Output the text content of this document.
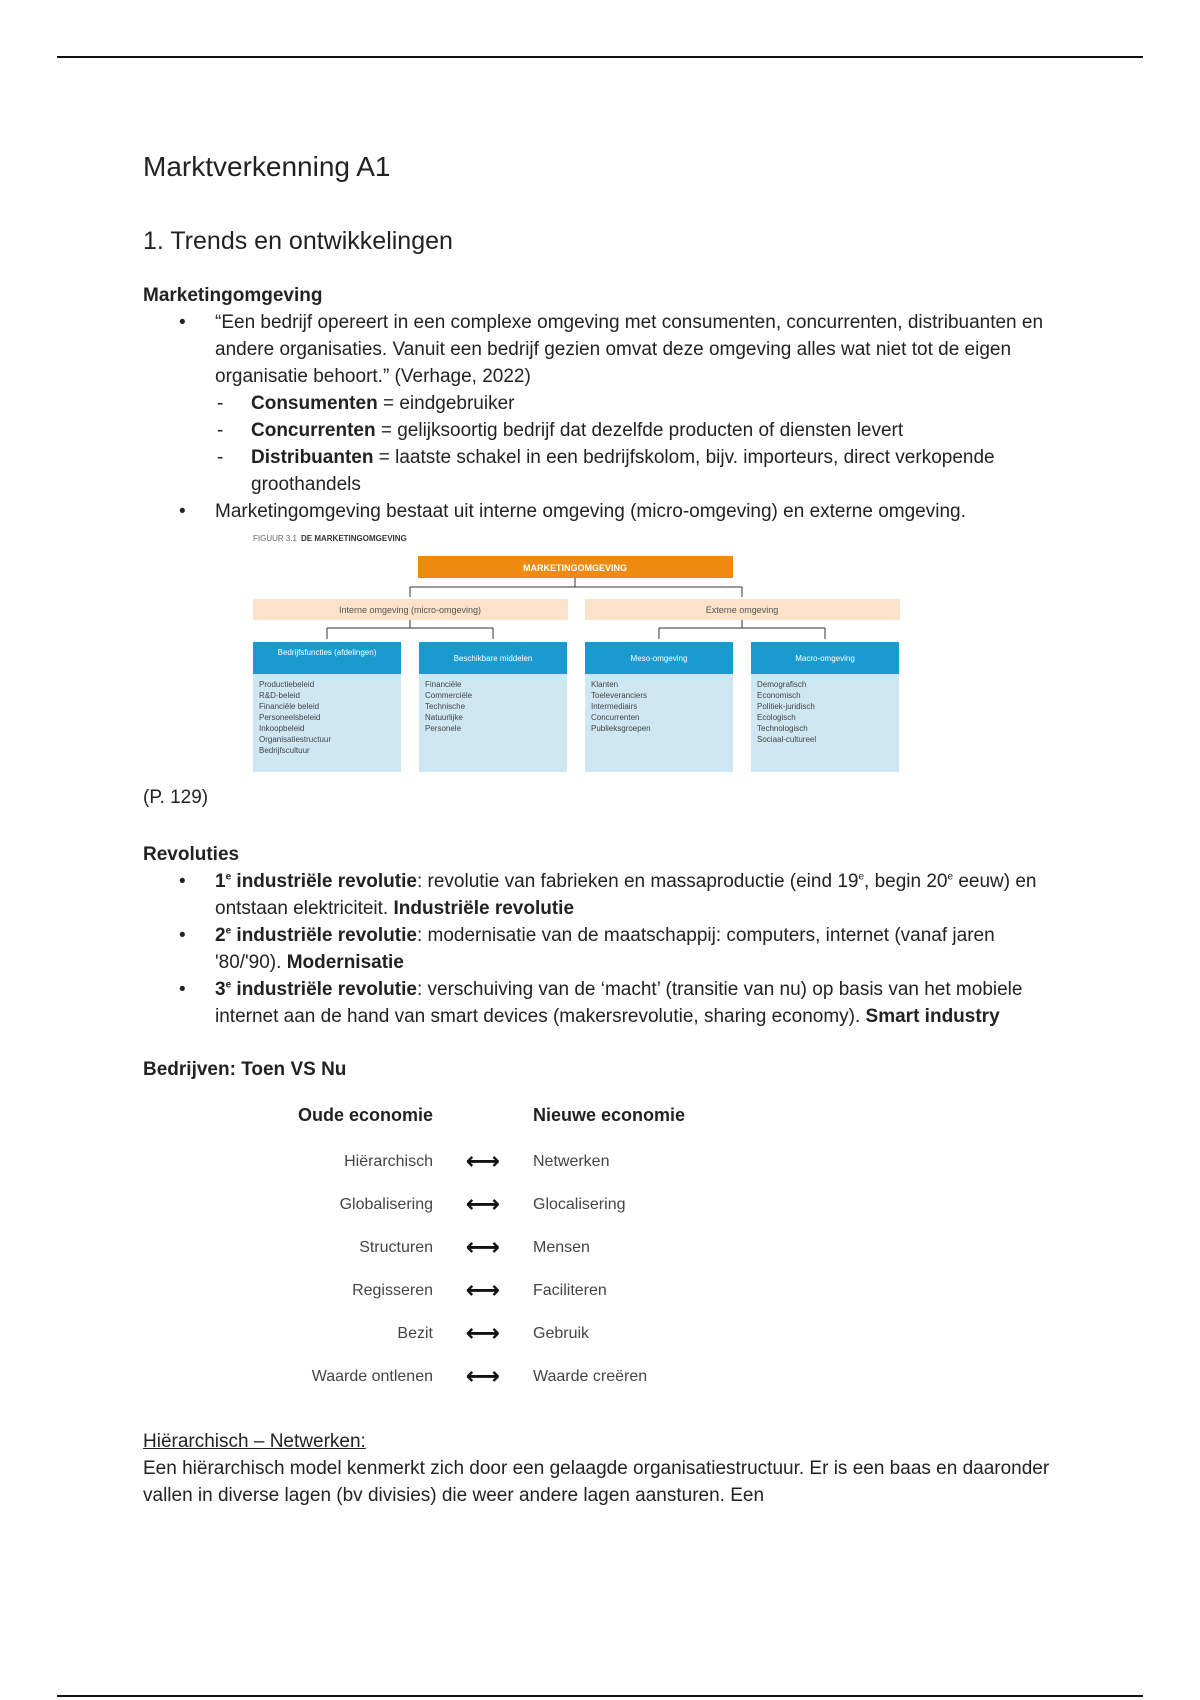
Marktverkenning A1
1. Trends en ontwikkelingen
Marketingomgeving
• “Een bedrijf opereert in een complexe omgeving met consumenten, concurrenten, distribuanten en andere organisaties. Vanuit een bedrijf gezien omvat deze omgeving alles wat niet tot de eigen organisatie behoort.” (Verhage, 2022)
- Consumenten = eindgebruiker
- Concurrenten = gelijksoortig bedrijf dat dezelfde producten of diensten levert
- Distribuanten = laatste schakel in een bedrijfskolom, bijv. importeurs, direct verkopende groothandels
• Marketingomgeving bestaat uit interne omgeving (micro-omgeving) en externe omgeving.
FIGUUR 3.1 DE MARKETINGOMGEVING
MARKETINGOMGEVING
Interne omgeving (micro-omgeving)	Externe omgeving
Bedrijfsfuncties (afdelingen)
Productiebeleid
R&D-beleid
Financiële beleid
Personeelsbeleid
Inkoopbeleid
Organisatiestructuur
Bedrijfscultuur
Beschikbare middelen
Financiële
Commerciële
Technische
Natuurlijke
Personele
Meso-omgeving
Klanten
Toeleveranciers
Intermediairs
Concurrenten
Publieksgroepen
Macro-omgeving
Demografisch
Economisch
Politiek-juridisch
Ecologisch
Technologisch
Sociaal-cultureel
(P. 129)
Revoluties
• 1e industriële revolutie: revolutie van fabrieken en massaproductie (eind 19e, begin 20e eeuw) en ontstaan elektriciteit. Industriële revolutie
• 2e industriële revolutie: modernisatie van de maatschappij: computers, internet (vanaf jaren '80/'90). Modernisatie
• 3e industriële revolutie: verschuiving van de ‘macht’ (transitie van nu) op basis van het mobiele internet aan de hand van smart devices (makersrevolutie, sharing economy). Smart industry
Bedrijven: Toen VS Nu
Oude economie		Nieuwe economie
Hiërarchisch	⟷	Netwerken
Globalisering	⟷	Glocalisering
Structuren	⟷	Mensen
Regisseren	⟷	Faciliteren
Bezit	⟷	Gebruik
Waarde ontlenen	⟷	Waarde creëren
Hiërarchisch – Netwerken:
Een hiërarchisch model kenmerkt zich door een gelaagde organisatiestructuur. Er is een baas en daaronder vallen in diverse lagen (bv divisies) die weer andere lagen aansturen. Een
